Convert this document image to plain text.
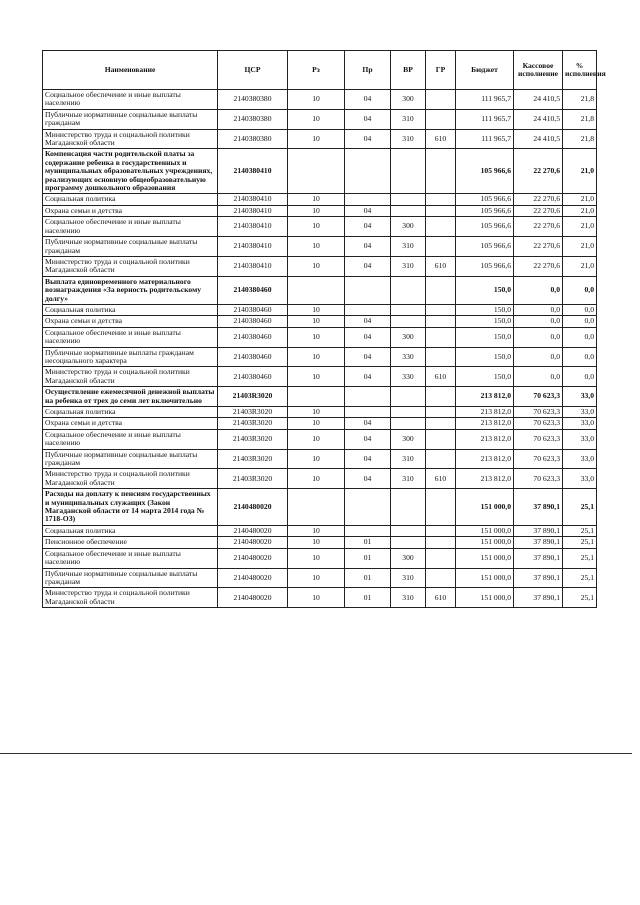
Наименование	ЦСР	Рз	Пр	ВР	ГР	Бюджет	Кассовое исполнение	% исполнения
Социальное обеспечение и иные выплаты населению	2140380380	10	04	300		111 965,7	24 410,5	21,8
Публичные нормативные социальные выплаты гражданам	2140380380	10	04	310		111 965,7	24 410,5	21,8
Министерство труда и социальной политики Магаданской области	2140380380	10	04	310	610	111 965,7	24 410,5	21,8
Компенсация части родительской платы за содержание ребенка в государственных и муниципальных образовательных учреждениях, реализующих основную общеобразовательную программу дошкольного образования	2140380410					105 966,6	22 270,6	21,0
Социальная политика	2140380410	10				105 966,6	22 270,6	21,0
Охрана семьи и детства	2140380410	10	04			105 966,6	22 270,6	21,0
Социальное обеспечение и иные выплаты населению	2140380410	10	04	300		105 966,6	22 270,6	21,0
Публичные нормативные социальные выплаты гражданам	2140380410	10	04	310		105 966,6	22 270,6	21,0
Министерство труда и социальной политики Магаданской области	2140380410	10	04	310	610	105 966,6	22 270,6	21,0
Выплата единовременного материального вознаграждения «За верность родительскому долгу»	2140380460					150,0	0,0	0,0
Социальная политика	2140380460	10				150,0	0,0	0,0
Охрана семьи и детства	2140380460	10	04			150,0	0,0	0,0
Социальное обеспечение и иные выплаты населению	2140380460	10	04	300		150,0	0,0	0,0
Публичные нормативные выплаты гражданам несоциального характера	2140380460	10	04	330		150,0	0,0	0,0
Министерство труда и социальной политики Магаданской области	2140380460	10	04	330	610	150,0	0,0	0,0
Осуществление ежемесячной денежной выплаты на ребенка от трех до семи лет включительно	21403R3020					213 812,0	70 623,3	33,0
Социальная политика	21403R3020	10				213 812,0	70 623,3	33,0
Охрана семьи и детства	21403R3020	10	04			213 812,0	70 623,3	33,0
Социальное обеспечение и иные выплаты населению	21403R3020	10	04	300		213 812,0	70 623,3	33,0
Публичные нормативные социальные выплаты гражданам	21403R3020	10	04	310		213 812,0	70 623,3	33,0
Министерство труда и социальной политики Магаданской области	21403R3020	10	04	310	610	213 812,0	70 623,3	33,0
Расходы на доплату к пенсиям государственных и муниципальных служащих (Закон Магаданской области от 14 марта 2014 года № 1718-ОЗ)	2140480020					151 000,0	37 890,1	25,1
Социальная политика	2140480020	10				151 000,0	37 890,1	25,1
Пенсионное обеспечение	2140480020	10	01			151 000,0	37 890,1	25,1
Социальное обеспечение и иные выплаты населению	2140480020	10	01	300		151 000,0	37 890,1	25,1
Публичные нормативные социальные выплаты гражданам	2140480020	10	01	310		151 000,0	37 890,1	25,1
Министерство труда и социальной политики Магаданской области	2140480020	10	01	310	610	151 000,0	37 890,1	25,1
